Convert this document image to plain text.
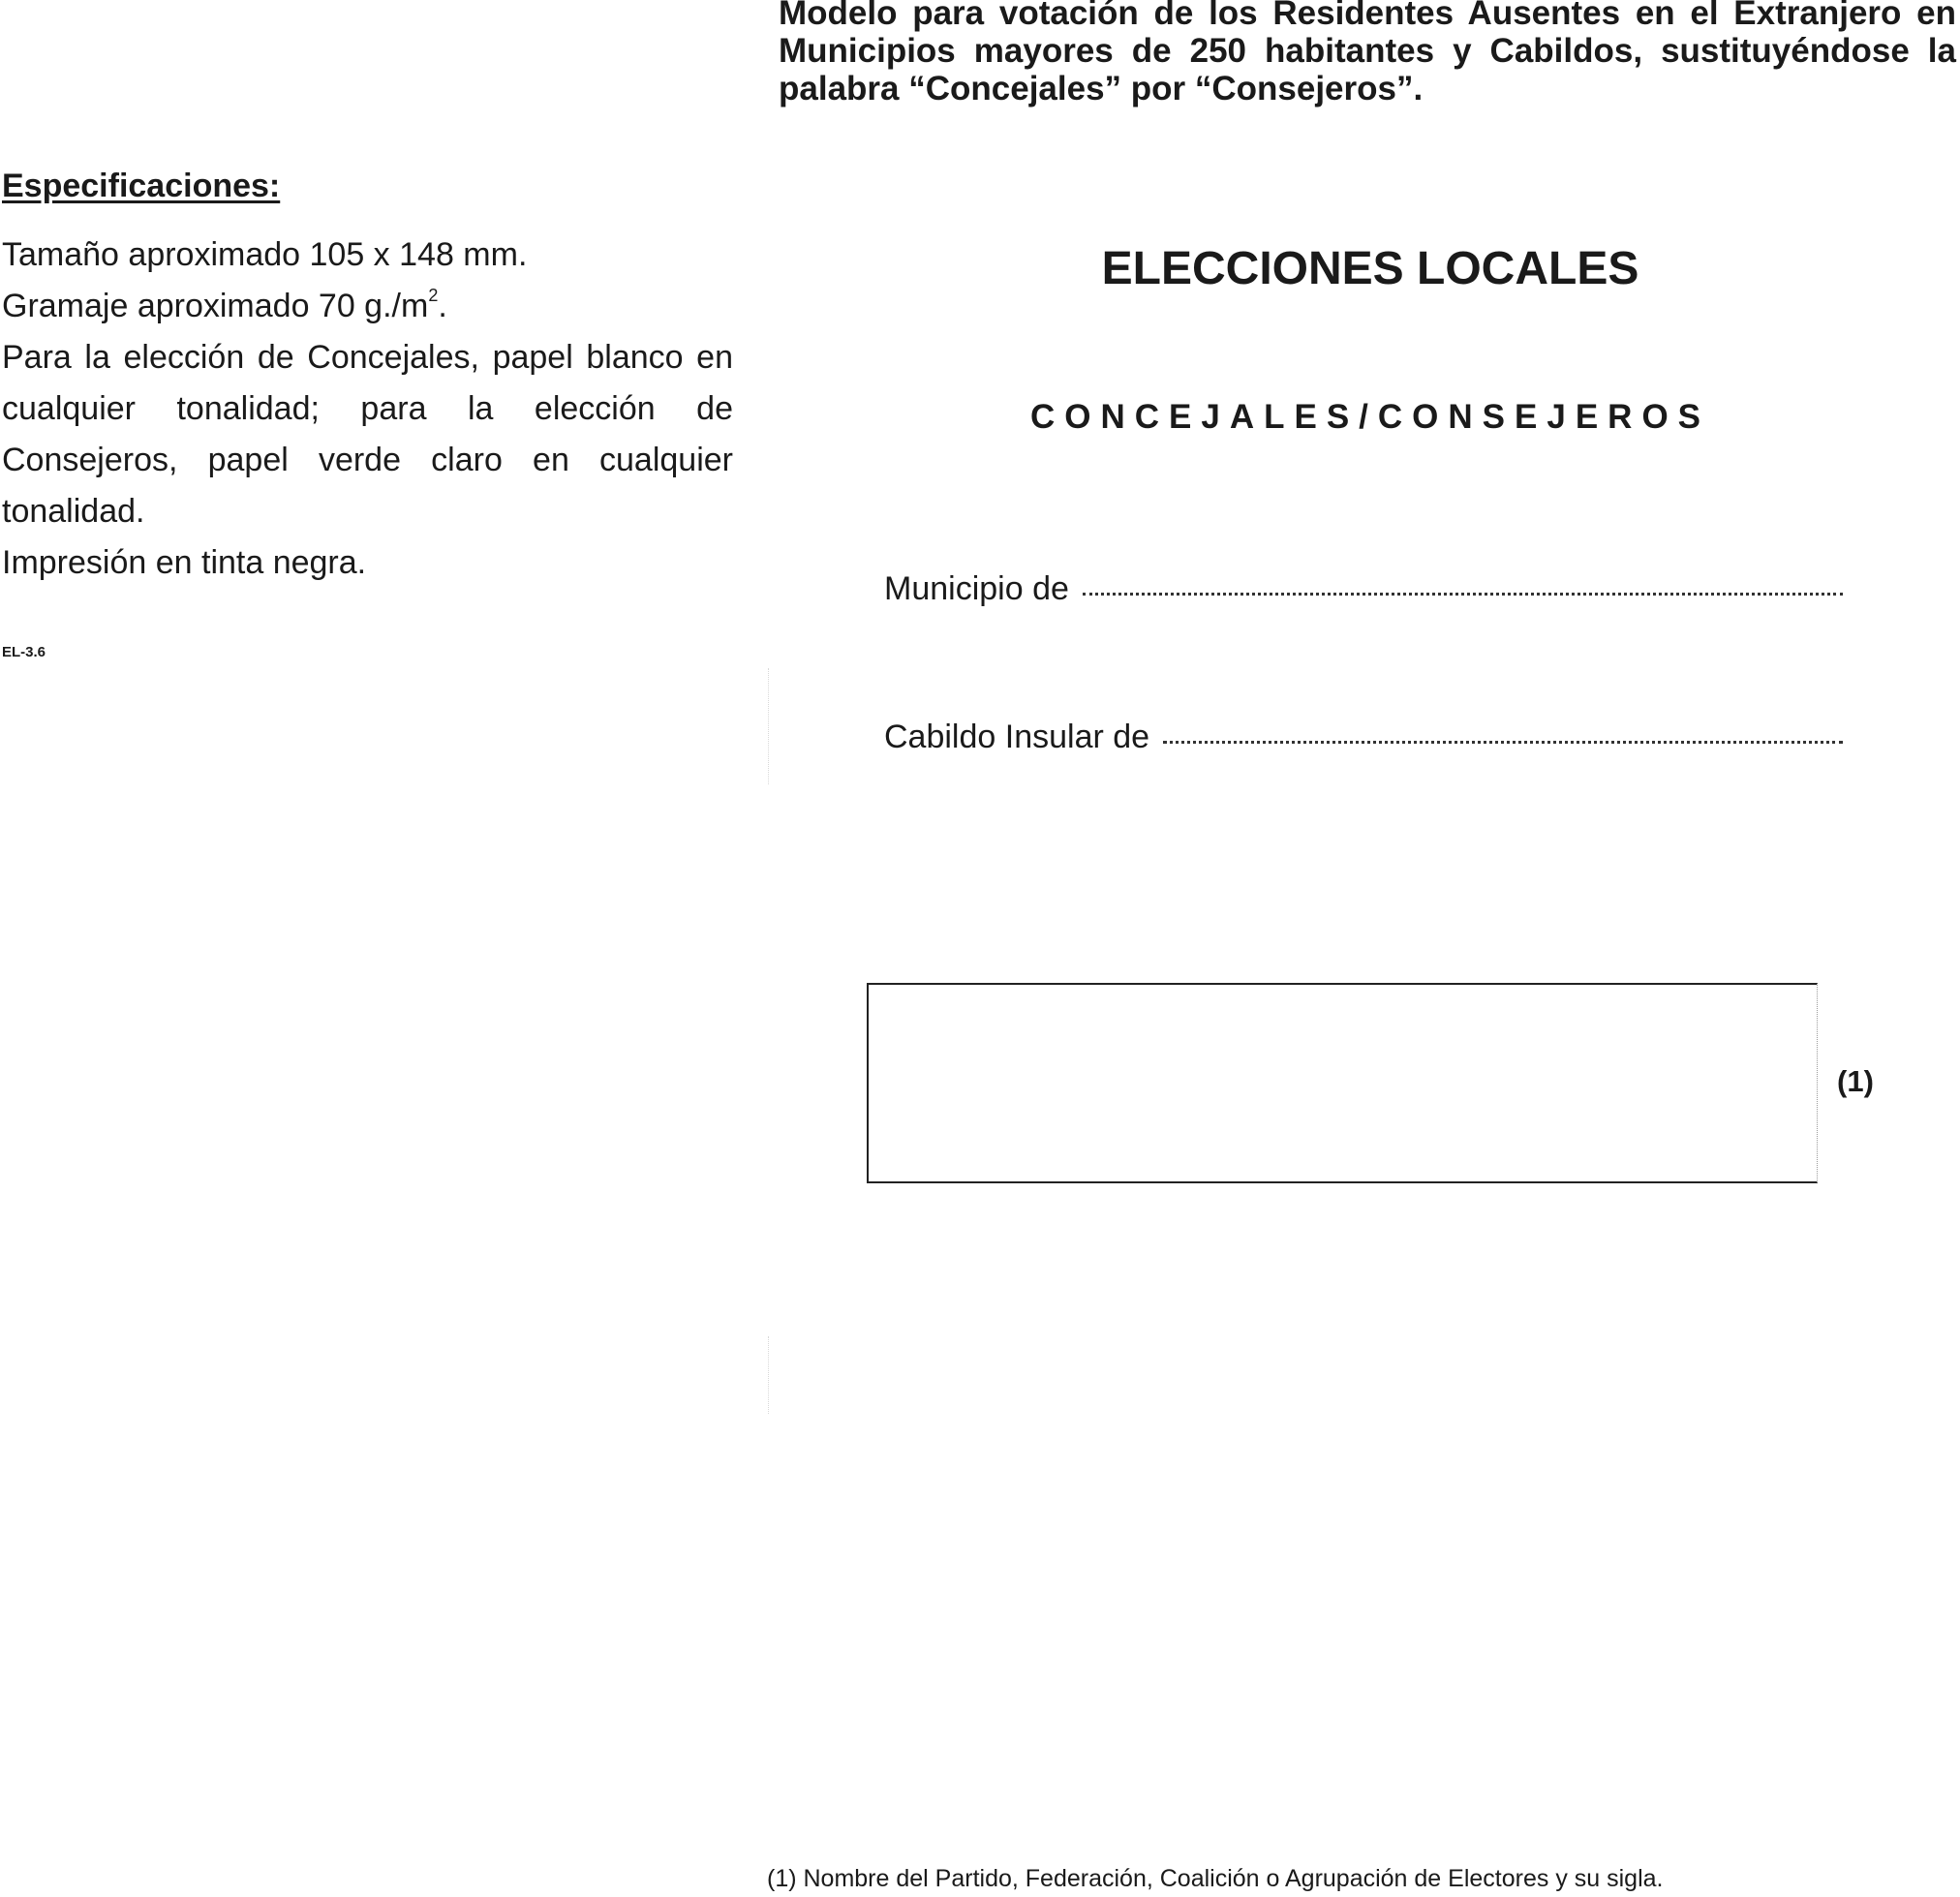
Modelo para votación de los Residentes Ausentes en el Extranjero en Municipios mayores de 250 habitantes y Cabildos, sustituyéndose la palabra “Concejales” por “Consejeros”.
Especificaciones:

Tamaño aproximado 105 x 148 mm.

Gramaje aproximado 70 $g./m^2$.

Para la elección de Concejales, papel blanco en cualquier tonalidad; para la elección de Consejeros, papel verde claro en cualquier tonalidad.

Impresión en tinta negra.

EL-3.6
ELECCIONES LOCALES
CONCEJALES/CONSEJEROS
Municipio de
Cabildo Insular de
(1)
(1) Nombre del Partido, Federación, Coalición o Agrupación de Electores y su sigla.
